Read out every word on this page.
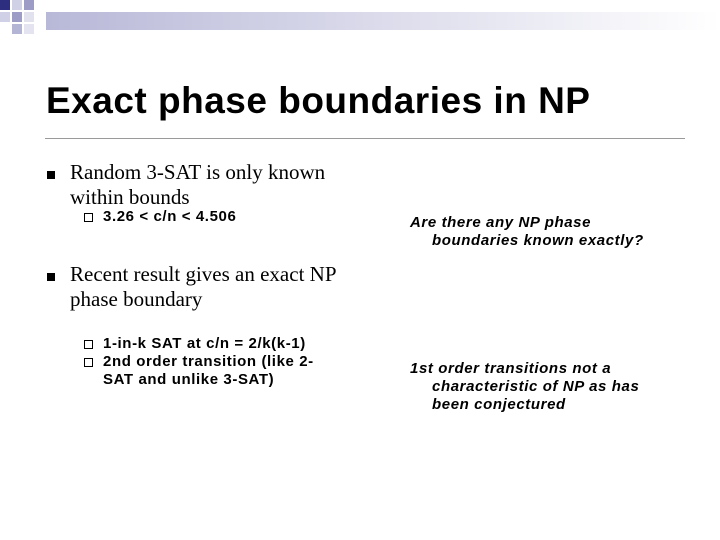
Exact phase boundaries in NP
Random 3-SAT is only known
within bounds
3.26 < c/n < 4.506
Recent result gives an exact NP
phase boundary
1-in-k SAT at c/n = 2/k(k-1)
2nd order transition (like 2-
SAT and unlike 3-SAT)
Are there any NP phase
boundaries known exactly?
1st order transitions not a
characteristic of NP as has
been conjectured
